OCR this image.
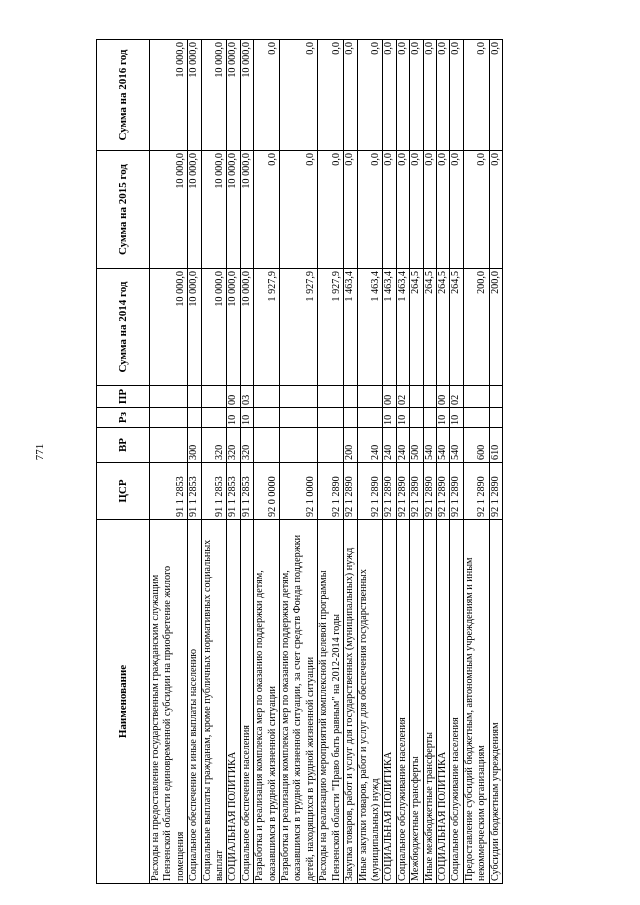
771
Наименование	ЦСР	ВР	Рз	ПР	Сумма на 2014 год	Сумма на 2015 год	Сумма на 2016 год
Расходы на предоставление государственным гражданским служащим Пензенской области единовременной субсидии на приобретение жилого помещения	91 1 2853				10 000,0	10 000,0	10 000,0
Социальное обеспечение и иные выплаты населению	91 1 2853	300			10 000,0	10 000,0	10 000,0
Социальные выплаты гражданам, кроме публичных нормативных социальных выплат	91 1 2853	320			10 000,0	10 000,0	10 000,0
СОЦИАЛЬНАЯ ПОЛИТИКА	91 1 2853	320	10	00	10 000,0	10 000,0	10 000,0
Социальное обеспечение населения	91 1 2853	320	10	03	10 000,0	10 000,0	10 000,0
Разработка и реализация комплекса мер по оказанию поддержки детям, оказавшимся в трудной жизненной ситуации	92 0 0000				1 927,9	0,0	0,0
Разработка и реализация комплекса мер по оказанию поддержки детям, оказавшимся в трудной жизненной ситуации, за счет средств Фонда поддержки детей, находящихся в трудной жизненной ситуации	92 1 0000				1 927,9	0,0	0,0
Расходы на реализацию мероприятий комплексной целевой программы Пензенской области "Право быть равным" на 2012-2014 годы	92 1 2890				1 927,9	0,0	0,0
Закупка товаров, работ и услуг для государственных (муниципальных) нужд	92 1 2890	200			1 463,4	0,0	0,0
Иные закупки товаров, работ и услуг для обеспечения государственных (муниципальных) нужд	92 1 2890	240			1 463,4	0,0	0,0
СОЦИАЛЬНАЯ ПОЛИТИКА	92 1 2890	240	10	00	1 463,4	0,0	0,0
Социальное обслуживание населения	92 1 2890	240	10	02	1 463,4	0,0	0,0
Межбюджетные трансферты	92 1 2890	500			264,5	0,0	0,0
Иные межбюджетные трансферты	92 1 2890	540			264,5	0,0	0,0
СОЦИАЛЬНАЯ ПОЛИТИКА	92 1 2890	540	10	00	264,5	0,0	0,0
Социальное обслуживание населения	92 1 2890	540	10	02	264,5	0,0	0,0
Предоставление субсидий бюджетным, автономным учреждениям и иным некоммерческим организациям	92 1 2890	600			200,0	0,0	0,0
Субсидии бюджетным учреждениям	92 1 2890	610			200,0	0,0	0,0
